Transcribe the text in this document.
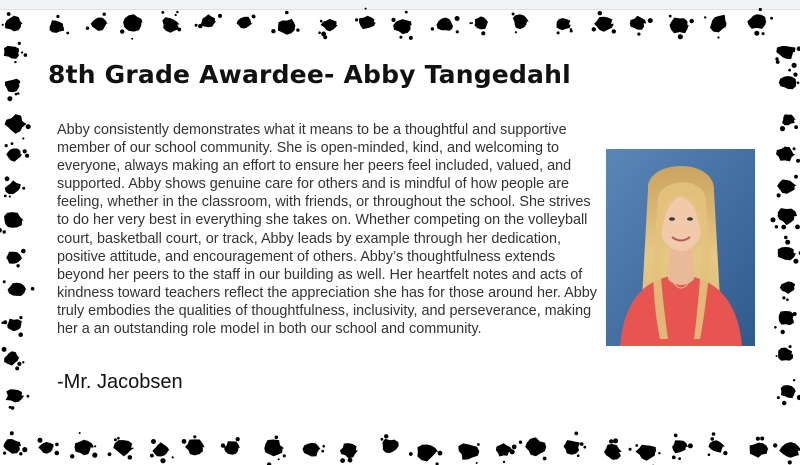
8th Grade Awardee- Abby Tangedahl

Abby consistently demonstrates what it means to be a thoughtful and supportive member of our school community. She is open-minded, kind, and welcoming to everyone, always making an effort to ensure her peers feel included, valued, and supported. Abby shows genuine care for others and is mindful of how people are feeling, whether in the classroom, with friends, or throughout the school. She strives to do her very best in everything she takes on. Whether competing on the volleyball court, basketball court, or track, Abby leads by example through her dedication, positive attitude, and encouragement of others. Abby’s thoughtfulness extends beyond her peers to the staff in our building as well. Her heartfelt notes and acts of kindness toward teachers reflect the appreciation she has for those around her. Abby truly embodies the qualities of thoughtfulness, inclusivity, and perseverance, making her a an outstanding role model in both our school and community.

-Mr. Jacobsen
